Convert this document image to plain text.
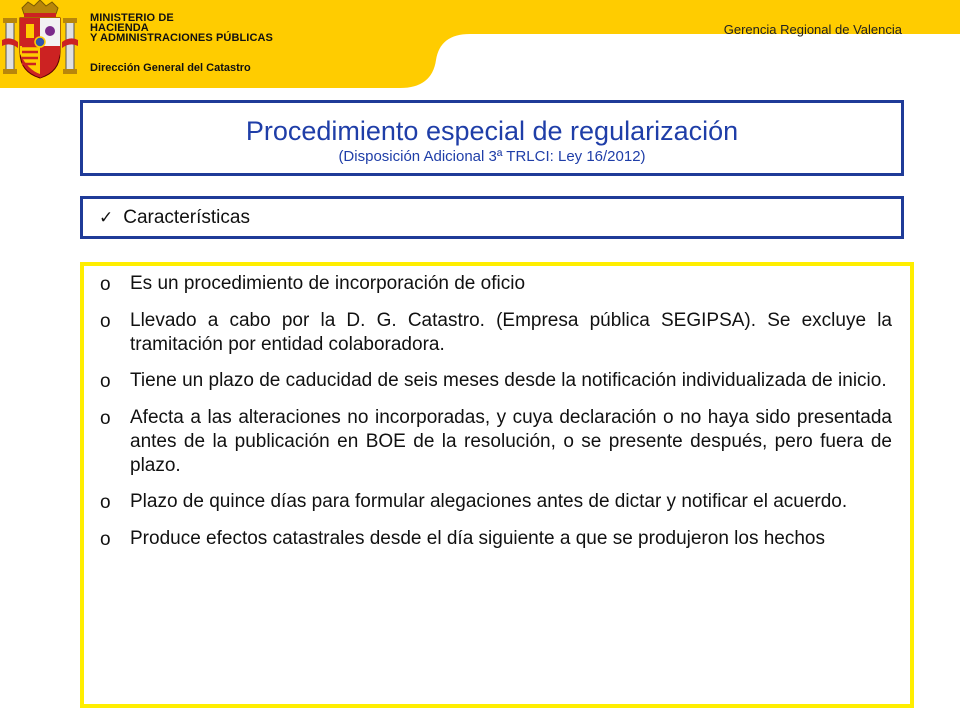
MINISTERIO DE
HACIENDA
Y ADMINISTRACIONES PÚBLICAS
Dirección General del Catastro
Gerencia Regional de Valencia
Procedimiento especial de regularización
(Disposición Adicional 3ª TRLCI: Ley 16/2012)
✓ Características
o	Es un procedimiento de incorporación de oficio
o	Llevado a cabo por la D. G. Catastro. (Empresa pública SEGIPSA). Se excluye la tramitación por entidad colaboradora.
o	Tiene un plazo de caducidad de seis meses desde la notificación individualizada de inicio.
o	Afecta a las alteraciones no incorporadas, y cuya declaración o no haya sido presentada antes de la publicación en BOE de la resolución, o se presente después, pero fuera de plazo.
o	Plazo de quince días para formular alegaciones antes de dictar y notificar el acuerdo.
o	Produce efectos catastrales desde el día siguiente a que se produjeron los hechos
